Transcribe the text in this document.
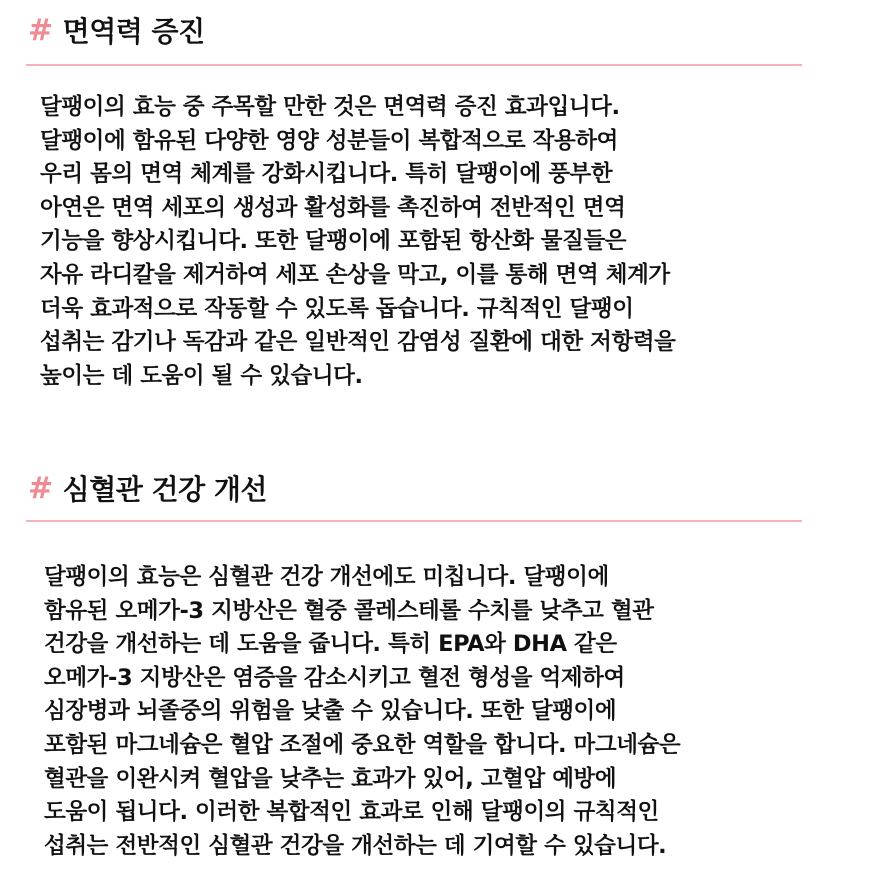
# 면역력 증진

달팽이의 효능 중 주목할 만한 것은 면역력 증진 효과입니다.
달팽이에 함유된 다양한 영양 성분들이 복합적으로 작용하여
우리 몸의 면역 체계를 강화시킵니다. 특히 달팽이에 풍부한
아연은 면역 세포의 생성과 활성화를 촉진하여 전반적인 면역
기능을 향상시킵니다. 또한 달팽이에 포함된 항산화 물질들은
자유 라디칼을 제거하여 세포 손상을 막고, 이를 통해 면역 체계가
더욱 효과적으로 작동할 수 있도록 돕습니다. 규칙적인 달팽이
섭취는 감기나 독감과 같은 일반적인 감염성 질환에 대한 저항력을
높이는 데 도움이 될 수 있습니다.

# 심혈관 건강 개선

달팽이의 효능은 심혈관 건강 개선에도 미칩니다. 달팽이에
함유된 오메가-3 지방산은 혈중 콜레스테롤 수치를 낮추고 혈관
건강을 개선하는 데 도움을 줍니다. 특히 EPA와 DHA 같은
오메가-3 지방산은 염증을 감소시키고 혈전 형성을 억제하여
심장병과 뇌졸중의 위험을 낮출 수 있습니다. 또한 달팽이에
포함된 마그네슘은 혈압 조절에 중요한 역할을 합니다. 마그네슘은
혈관을 이완시켜 혈압을 낮추는 효과가 있어, 고혈압 예방에
도움이 됩니다. 이러한 복합적인 효과로 인해 달팽이의 규칙적인
섭취는 전반적인 심혈관 건강을 개선하는 데 기여할 수 있습니다.
